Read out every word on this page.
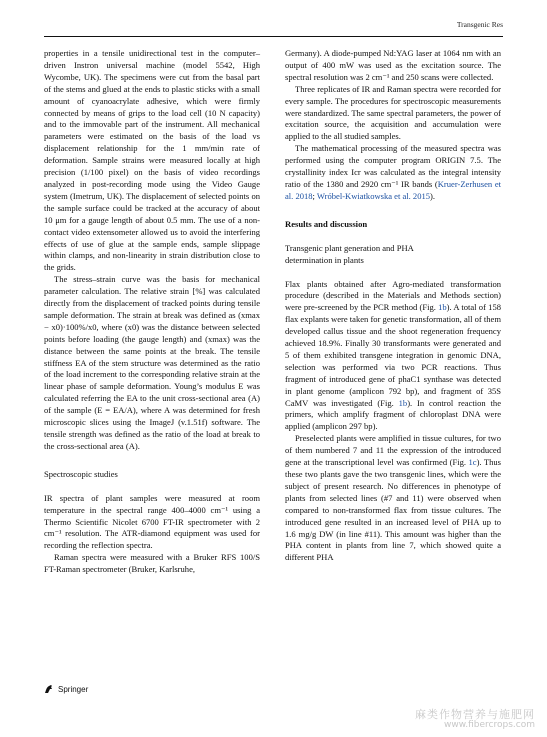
Transgenic Res

properties in a tensile unidirectional test in the computer–driven Instron universal machine (model 5542, High Wycombe, UK). The specimens were cut from the basal part of the stems and glued at the ends to plastic sticks with a small amount of cyanoacrylate adhesive, which were firmly connected by means of grips to the load cell (10 N capacity) and to the immovable part of the instrument. All mechanical parameters were estimated on the basis of the load vs displacement relationship for the 1 mm/min rate of deformation. Sample strains were measured locally at high precision (1/100 pixel) on the basis of video recordings analyzed in post-recording mode using the Video Gauge system (Imetrum, UK). The displacement of selected points on the sample surface could be tracked at the accuracy of about 10 μm for a gauge length of about 0.5 mm. The use of a non-contact video extensometer allowed us to avoid the interfering effects of use of glue at the sample ends, sample slippage within clamps, and non-linearity in strain distribution close to the grids.

The stress–strain curve was the basis for mechanical parameter calculation. The relative strain [%] was calculated directly from the displacement of tracked points during tensile sample deformation. The strain at break was defined as (xmax − x0)·100%/x0, where (x0) was the distance between selected points before loading (the gauge length) and (xmax) was the distance between the same points at the break. The tensile stiffness EA of the stem structure was determined as the ratio of the load increment to the corresponding relative strain at the linear phase of sample deformation. Young’s modulus E was calculated referring the EA to the unit cross-sectional area (A) of the sample (E = EA/A), where A was determined for fresh microscopic slices using the ImageJ (v.1.51f) software. The tensile strength was defined as the ratio of the load at break to the cross-sectional area (A).

Spectroscopic studies

IR spectra of plant samples were measured at room temperature in the spectral range 400–4000 cm⁻¹ using a Thermo Scientific Nicolet 6700 FT-IR spectrometer with 2 cm⁻¹ resolution. The ATR-diamond equipment was used for recording the reflection spectra.

Raman spectra were measured with a Bruker RFS 100/S FT-Raman spectrometer (Bruker, Karlsruhe,

Germany). A diode-pumped Nd:YAG laser at 1064 nm with an output of 400 mW was used as the excitation source. The spectral resolution was 2 cm⁻¹ and 250 scans were collected.

Three replicates of IR and Raman spectra were recorded for every sample. The procedures for spectroscopic measurements were standardized. The same spectral parameters, the power of excitation source, the acquisition and accumulation were applied to the all studied samples.

The mathematical processing of the measured spectra was performed using the computer program ORIGIN 7.5. The crystallinity index Icr was calculated as the integral intensity ratio of the 1380 and 2920 cm⁻¹ IR bands (Kruer-Zerhusen et al. 2018; Wróbel-Kwiatkowska et al. 2015).

Results and discussion
Transgenic plant generation and PHA
determination in plants

Flax plants obtained after Agro-mediated transformation procedure (described in the Materials and Methods section) were pre-screened by the PCR method (Fig. 1b). A total of 158 flax explants were taken for genetic transformation, all of them developed callus tissue and the shoot regeneration frequency achieved 18.9%. Finally 30 transformants were generated and 5 of them exhibited transgene integration in genomic DNA, selection was performed via two PCR reactions. Thus fragment of introduced gene of phaC1 synthase was detected in plant genome (amplicon 792 bp), and fragment of 35S CaMV was investigated (Fig. 1b). In control reaction the primers, which amplify fragment of chloroplast DNA were applied (amplicon 297 bp).

Preselected plants were amplified in tissue cultures, for two of them numbered 7 and 11 the expression of the introduced gene at the transcriptional level was confirmed (Fig. 1c). Thus these two plants gave the two transgenic lines, which were the subject of present research. No differences in phenotype of plants from selected lines (#7 and 11) were observed when compared to non-transformed flax from tissue cultures. The introduced gene resulted in an increased level of PHA up to 1.6 mg/g DW (in line #11). This amount was higher than the PHA content in plants from line 7, which showed quite a different PHA

Springer
麻类作物营养与施肥网
www.fibercrops.com
